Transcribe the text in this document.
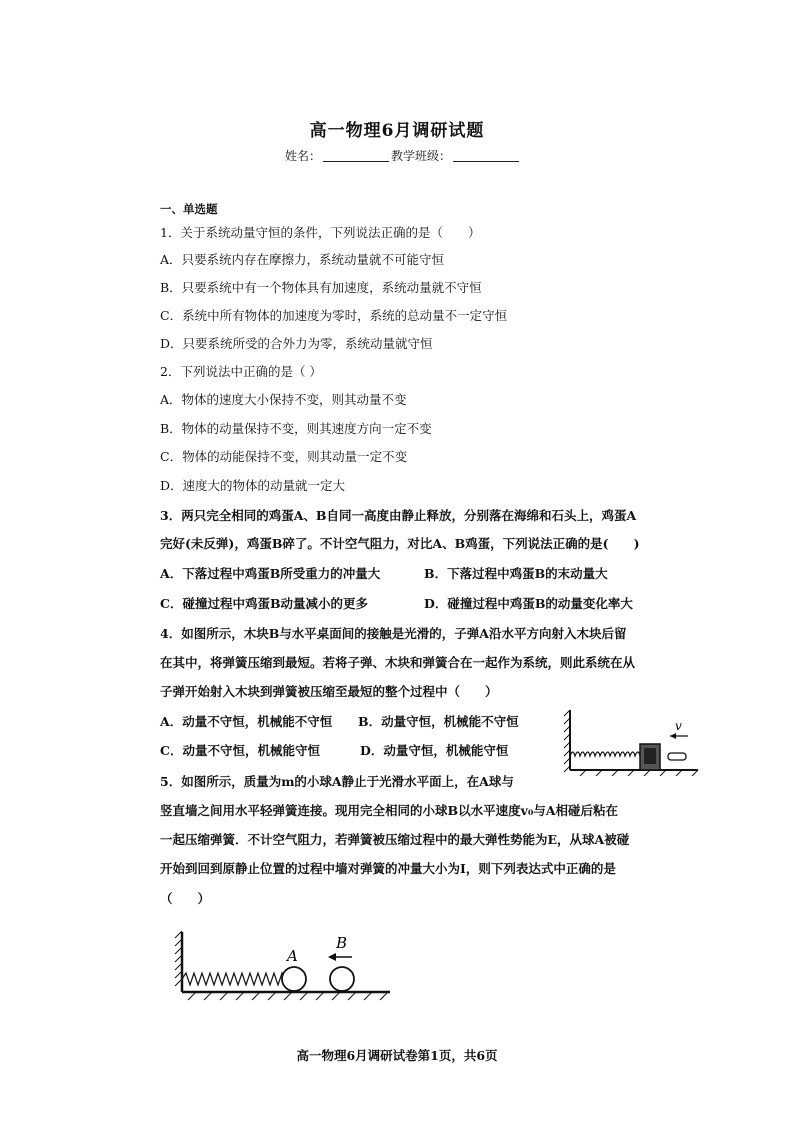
高一物理6月调研试题
姓名：	教学班级：
一、单选题
1．关于系统动量守恒的条件，下列说法正确的是（　　）
A．只要系统内存在摩擦力，系统动量就不可能守恒
B．只要系统中有一个物体具有加速度，系统动量就不守恒
C．系统中所有物体的加速度为零时，系统的总动量不一定守恒
D．只要系统所受的合外力为零，系统动量就守恒
2．下列说法中正确的是（ ）
A．物体的速度大小保持不变，则其动量不变
B．物体的动量保持不变，则其速度方向一定不变
C．物体的动能保持不变，则其动量一定不变
D．速度大的物体的动量就一定大
3．两只完全相同的鸡蛋A、B自同一高度由静止释放，分别落在海绵和石头上，鸡蛋A
完好(未反弹)，鸡蛋B碎了。不计空气阻力，对比A、B鸡蛋，下列说法正确的是(　　)
A．下落过程中鸡蛋B所受重力的冲量大	B．下落过程中鸡蛋B的末动量大
C．碰撞过程中鸡蛋B动量减小的更多	D．碰撞过程中鸡蛋B的动量变化率大
4．如图所示，木块B与水平桌面间的接触是光滑的，子弹A沿水平方向射入木块后留
在其中，将弹簧压缩到最短。若将子弹、木块和弹簧合在一起作为系统，则此系统在从
子弹开始射入木块到弹簧被压缩至最短的整个过程中（　　）
A．动量不守恒，机械能不守恒 B．动量守恒，机械能不守恒
C．动量不守恒，机械能守恒	D．动量守恒，机械能守恒
v
5．如图所示，质量为m的小球A静止于光滑水平面上，在A球与
竖直墙之间用水平轻弹簧连接。现用完全相同的小球B以水平速度v₀与A相碰后粘在
一起压缩弹簧．不计空气阻力，若弹簧被压缩过程中的最大弹性势能为E，从球A被碰
开始到回到原静止位置的过程中墙对弹簧的冲量大小为I，则下列表达式中正确的是
（　　）
A
B
高一物理6月调研试卷第1页，共6页
